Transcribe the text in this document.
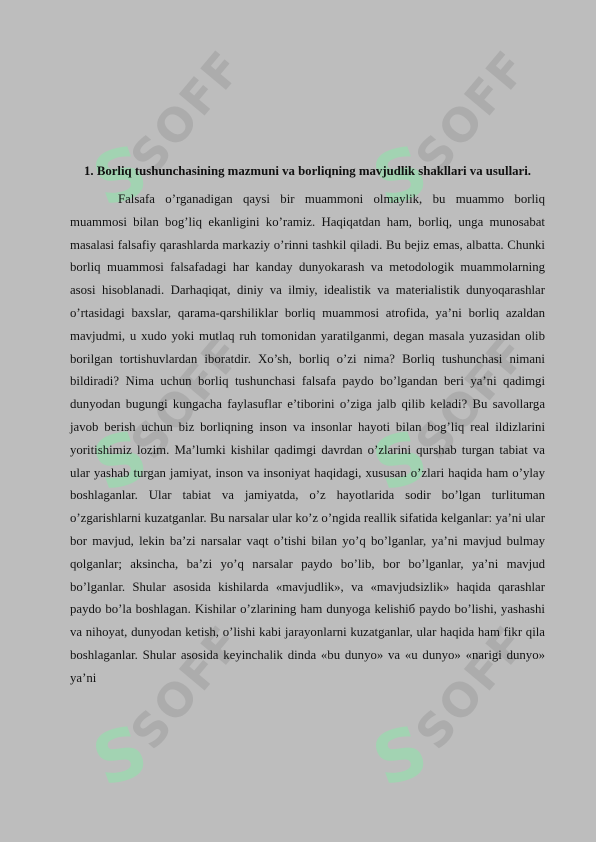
SOFF	SOFF
S	S
SOFF	SOFF
S	S
SOFF	SOFF
S	S

1. Borliq tushunchasining mazmuni va borliqning mavjudlik shakllari va usullari.

Falsafa o’rganadigan qaysi bir muammoni olmaylik, bu muammo borliq muammosi bilan bog’liq ekanligini ko’ramiz. Haqiqatdan ham, borliq, unga munosabat masalasi falsafiy qarashlarda markaziy o’rinni tashkil qiladi. Bu bejiz emas, albatta. Chunki borliq muammosi falsafadagi har kanday dunyokarash va metodologik muammolarning asosi hisoblanadi. Darhaqiqat, diniy va ilmiy, idealistik va materialistik dunyoqarashlar o’rtasidagi baxslar, qarama-qarshiliklar borliq muammosi atrofida, ya’ni borliq azaldan mavjudmi, u xudo yoki mutlaq ruh tomonidan yaratilganmi, degan masala yuzasidan olib borilgan tortishuvlardan iboratdir. Xo’sh, borliq o’zi nima? Borliq tushunchasi nimani bildiradi? Nima uchun borliq tushunchasi falsafa paydo bo’lgandan beri ya’ni qadimgi dunyodan bugungi kungacha faylasuflar e’tiborini o’ziga jalb qilib keladi? Bu savollarga javob berish uchun biz borliqning inson va insonlar hayoti bilan bog’liq real ildizlarini yoritishimiz lozim. Ma’lumki kishilar qadimgi davrdan o’zlarini qurshab turgan tabiat va ular yashab turgan jamiyat, inson va insoniyat haqidagi, xususan o’zlari haqida ham o’ylay boshlaganlar. Ular tabiat va jamiyatda, o’z hayotlarida sodir bo’lgan turlituman o’zgarishlarni kuzatganlar. Bu narsalar ular ko’z o’ngida reallik sifatida kelganlar: ya’ni ular bor mavjud, lekin ba’zi narsalar vaqt o’tishi bilan yo’q bo’lganlar, ya’ni mavjud bulmay qolganlar; aksincha, ba’zi yo’q narsalar paydo bo’lib, bor bo’lganlar, ya’ni mavjud bo’lganlar. Shular asosida kishilarda «mavjudlik», va «mavjudsizlik» haqida qarashlar paydo bo’la boshlagan. Kishilar o’zlarining ham dunyoga kelishiб paydo bo’lishi, yashashi va nihoyat, dunyodan ketish, o’lishi kabi jarayonlarni kuzatganlar, ular haqida ham fikr qila boshlaganlar. Shular asosida keyinchalik dinda «bu dunyo» va «u dunyo» «narigi dunyo» ya’ni
